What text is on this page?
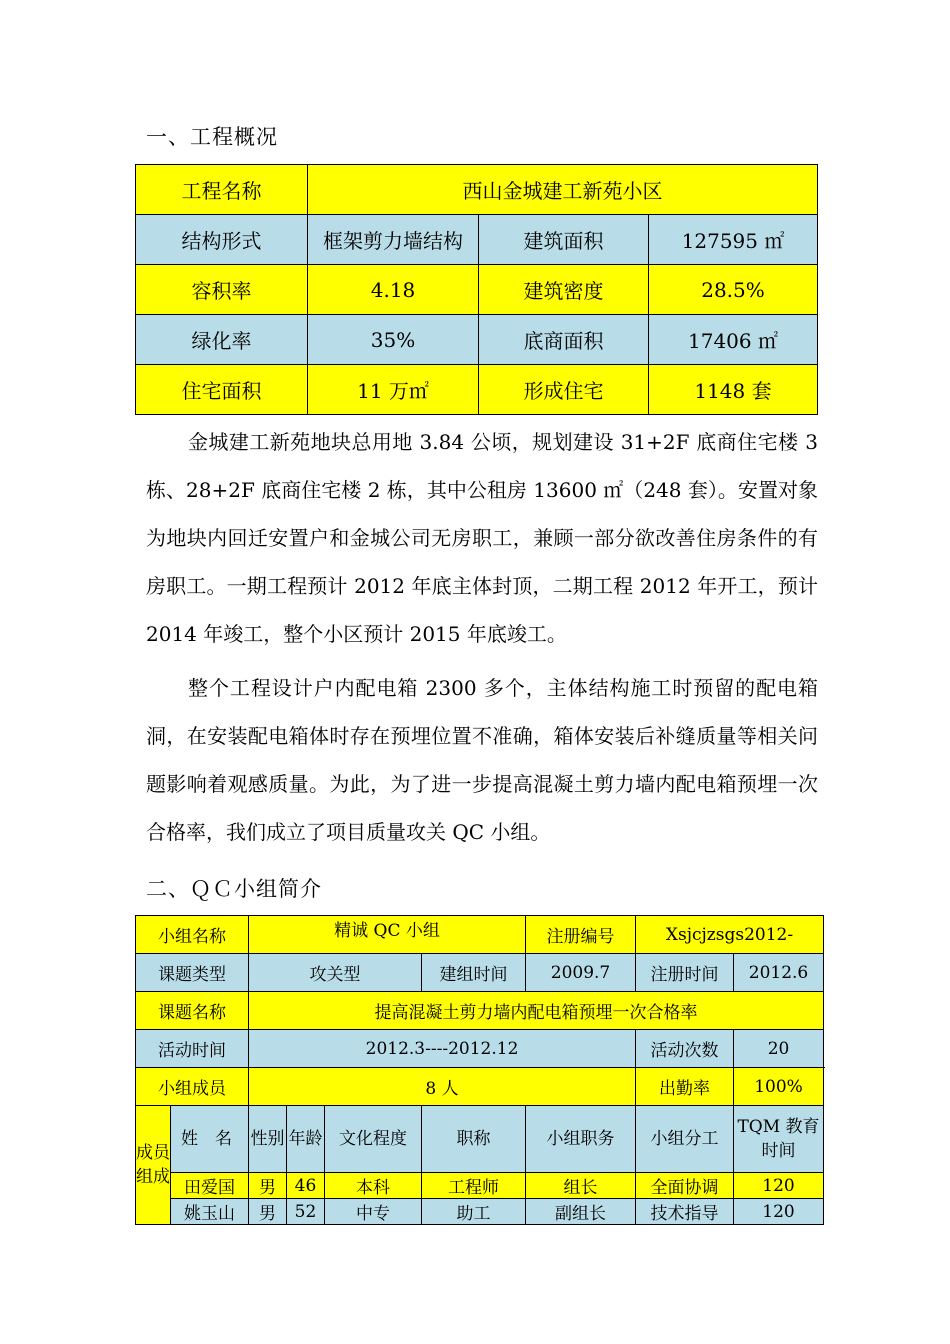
一、工程概况
工程名称	西山金城建工新苑小区		
结构形式	框架剪力墙结构	建筑面积	127595 ㎡
容积率	4.18	建筑密度	28.5%
绿化率	35%	底商面积	17406 ㎡
住宅面积	11 万㎡	形成住宅	1148 套

金城建工新苑地块总用地 3.84 公顷，规划建设 31+2F 底商住宅楼 3 栋、28+2F 底商住宅楼 2 栋，其中公租房 13600 ㎡（248 套）。安置对象为地块内回迁安置户和金城公司无房职工，兼顾一部分欲改善住房条件的有房职工。一期工程预计 2012 年底主体封顶，二期工程 2012 年开工，预计 2014 年竣工，整个小区预计 2015 年底竣工。

整个工程设计户内配电箱 2300 多个，主体结构施工时预留的配电箱洞，在安装配电箱体时存在预埋位置不准确，箱体安装后补缝质量等相关问题影响着观感质量。为此，为了进一步提高混凝土剪力墙内配电箱预埋一次合格率，我们成立了项目质量攻关 QC 小组。

二、ＱＣ小组简介
小组名称		精诚 QC 小组				注册编号	Xsjcjzsgs2012-	
课题类型		攻关型			建组时间	2009.7	注册时间	2012.6
课题名称		提高混凝土剪力墙内配电箱预埋一次合格率						
活动时间		2012.3----2012.12					活动次数	20
小组成员		8 人					出勤率	100%
成员组成	姓　名	性别	年龄	文化程度	职称	小组职务	小组分工	TQM 教育时间
	田爱国	男	46	本科	工程师	组长	全面协调	120
	姚玉山	男	52	中专	助工	副组长	技术指导	120
